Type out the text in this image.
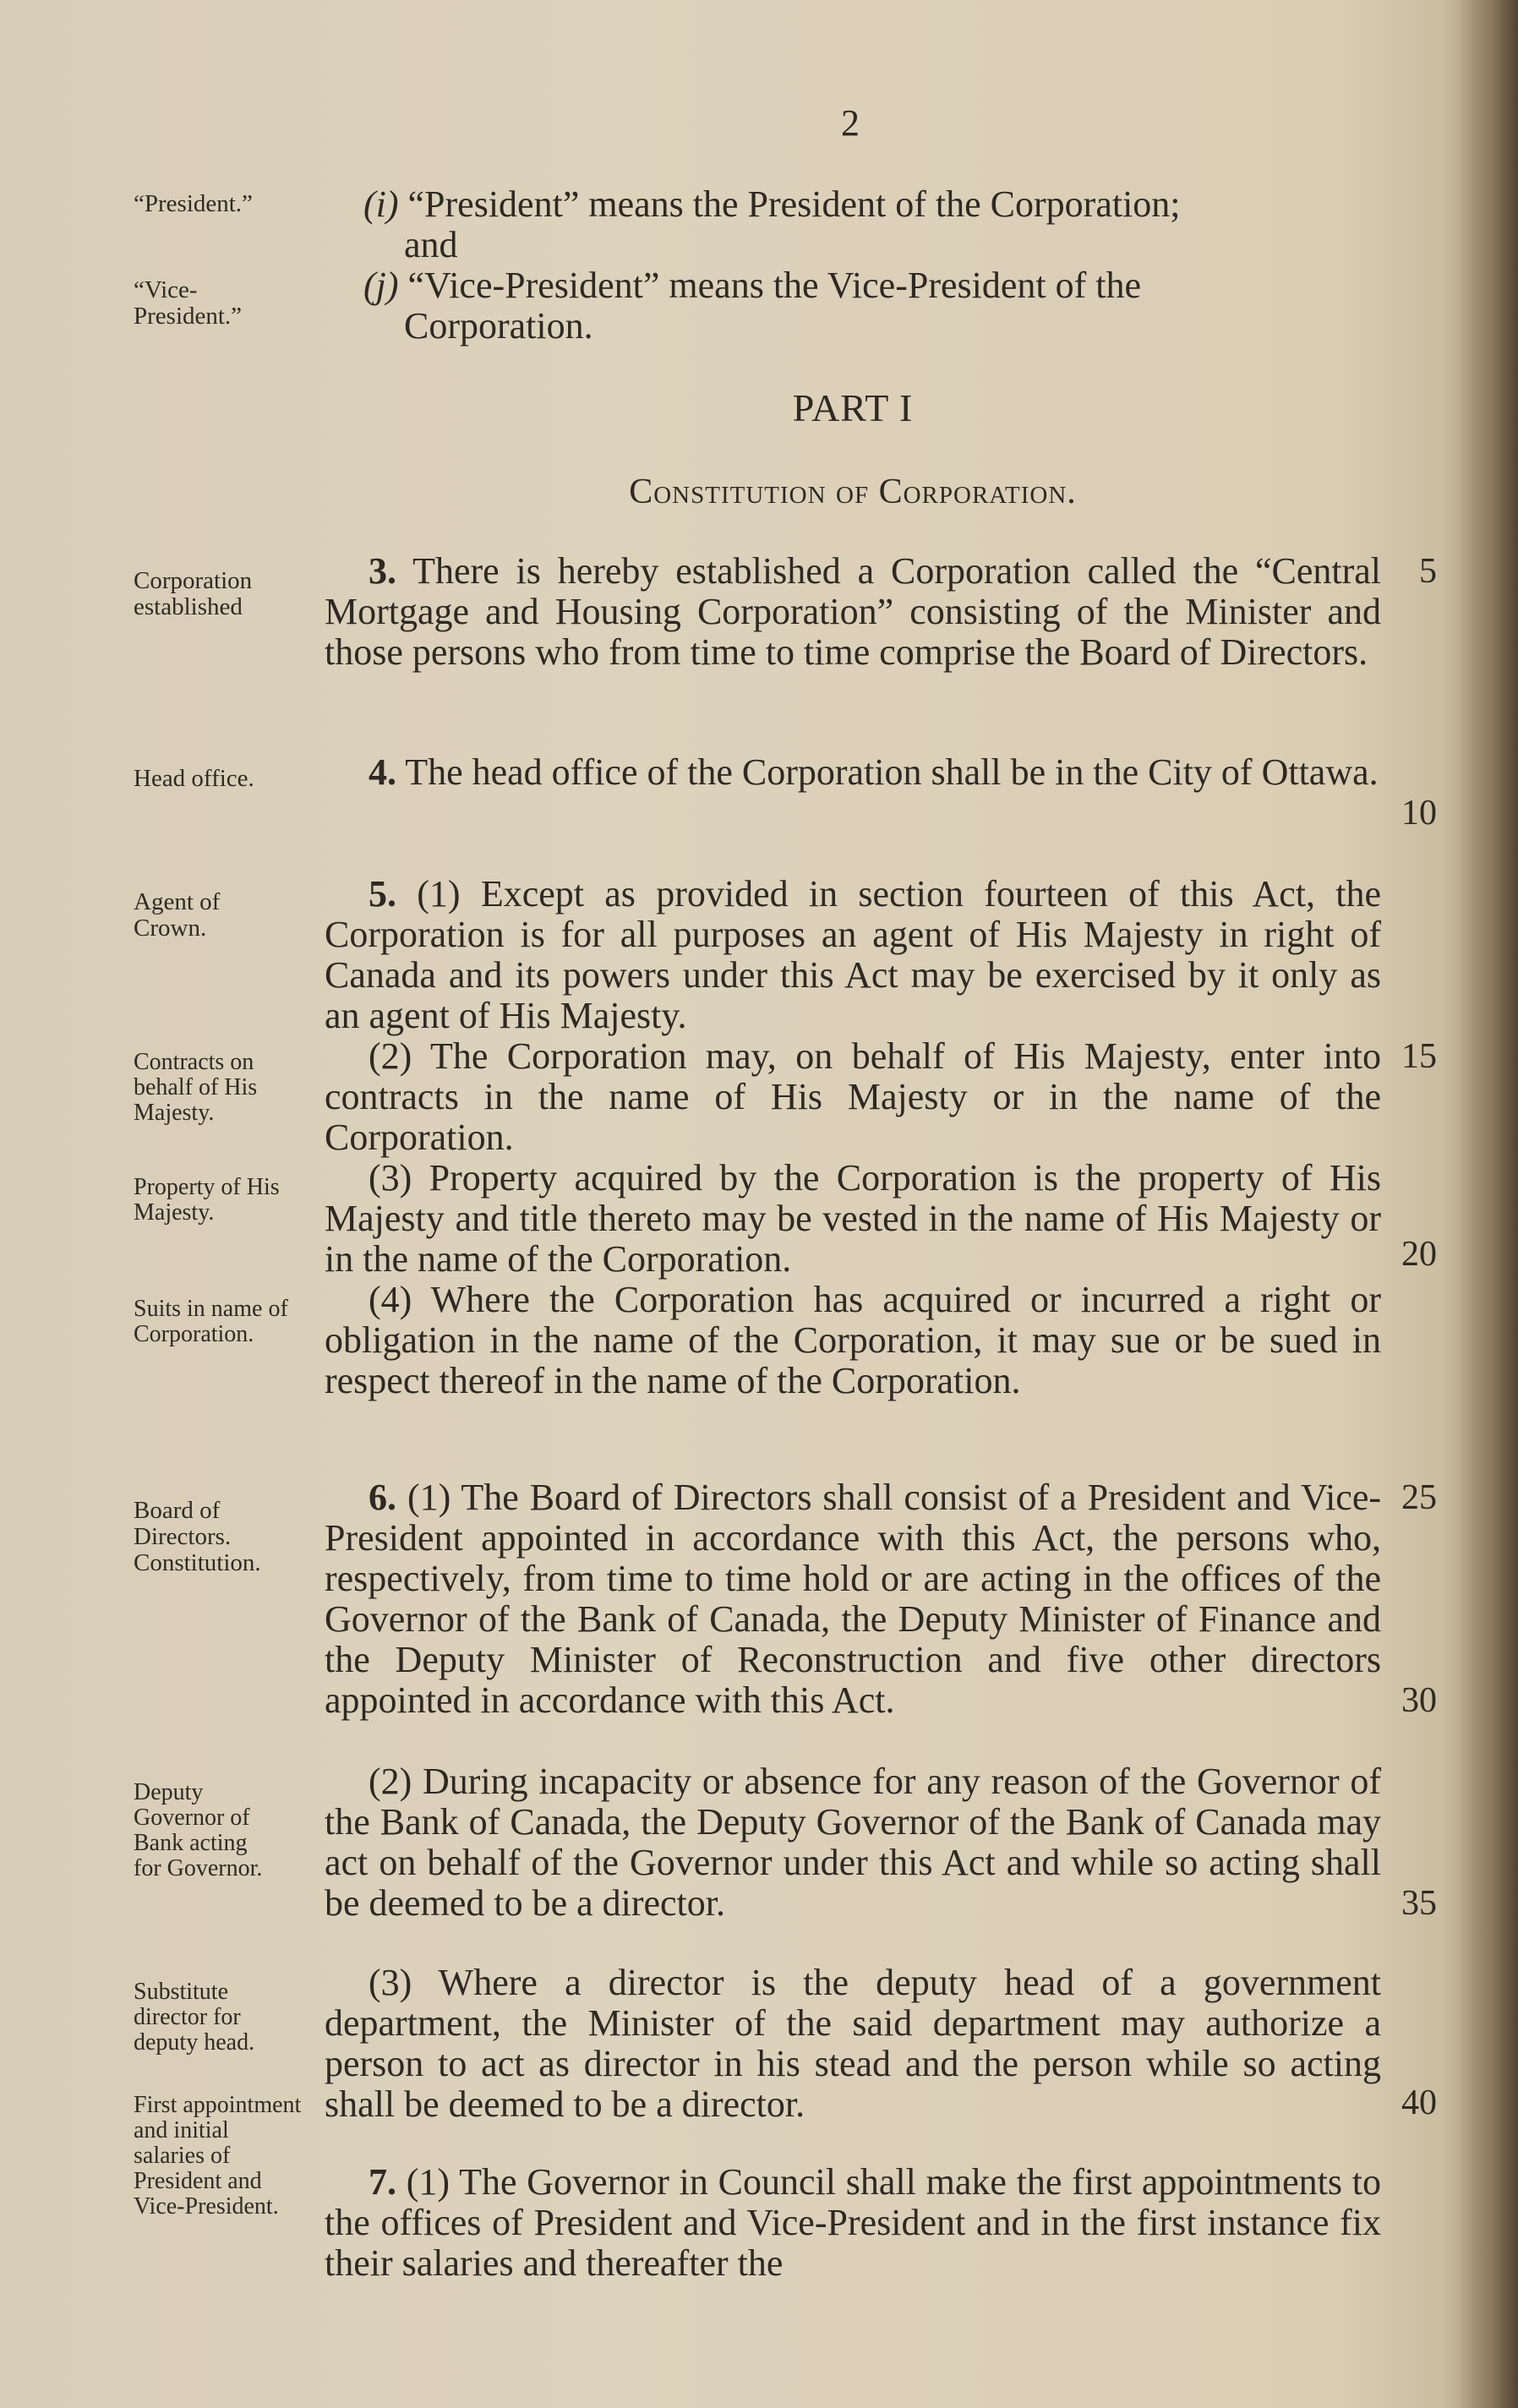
2
“President.”	(i) “President” means the President of the Corporation;
and
“Vice-President.”
(j) “Vice-President” means the Vice-President of the
Corporation.
PART I
Constitution of Corporation.
Corporation established
3. There is hereby established a Corporation called the “Central Mortgage and Housing Corporation” consisting of the Minister and those persons who from time to time comprise the Board of Directors.
5
Head office.	4. The head office of the Corporation shall be in the City of Ottawa.
10
Agent of Crown.
5. (1) Except as provided in section fourteen of this Act, the Corporation is for all purposes an agent of His Majesty in right of Canada and its powers under this Act may be exercised by it only as an agent of His Majesty.
Contracts on behalf of His Majesty.
(2) The Corporation may, on behalf of His Majesty, enter into contracts in the name of His Majesty or in the name of the Corporation.
15
Property of His Majesty.
(3) Property acquired by the Corporation is the property of His Majesty and title thereto may be vested in the name of His Majesty or in the name of the Corporation.	20
Suits in name of Corporation.
(4) Where the Corporation has acquired or incurred a right or obligation in the name of the Corporation, it may sue or be sued in respect thereof in the name of the Corporation.
Board of Directors. Constitution.
6. (1) The Board of Directors shall consist of a President and Vice-President appointed in accordance with this Act, the persons who, respectively, from time to time hold or are acting in the offices of the Governor of the Bank of Canada, the Deputy Minister of Finance and the Deputy Minister of Reconstruction and five other directors appointed in accordance with this Act.
25
30
Deputy Governor of Bank acting for Governor.
(2) During incapacity or absence for any reason of the Governor of the Bank of Canada, the Deputy Governor of the Bank of Canada may act on behalf of the Governor under this Act and while so acting shall be deemed to be a director.	35
Substitute director for deputy head.
(3) Where a director is the deputy head of a government department, the Minister of the said department may authorize a person to act as director in his stead and the person while so acting shall be deemed to be a director.	40
First appointment and initial salaries of President and Vice-President.
7. (1) The Governor in Council shall make the first appointments to the offices of President and Vice-President and in the first instance fix their salaries and thereafter the
